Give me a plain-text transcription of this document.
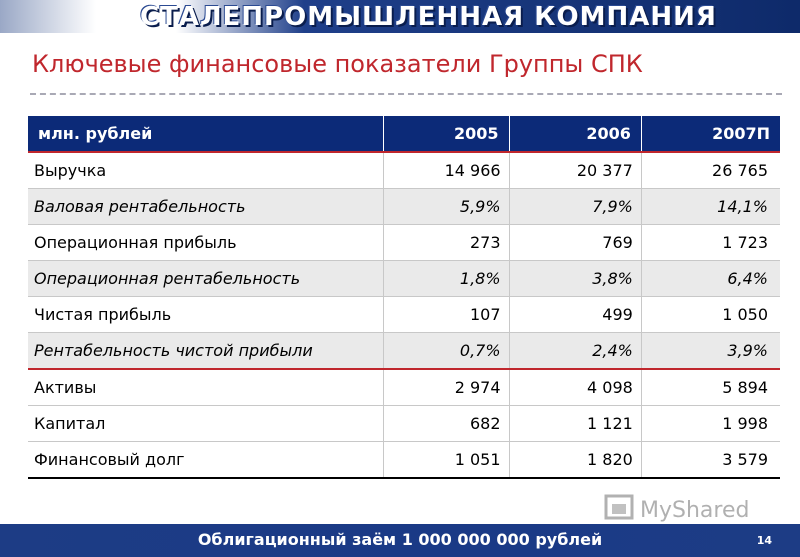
СТАЛЕПРОМЫШЛЕННАЯ КОМПАНИЯ
Ключевые финансовые показатели Группы СПК
млн. рублей	2005	2006	2007П
Выручка	14 966	20 377	26 765
Валовая рентабельность	5,9%	7,9%	14,1%
Операционная прибыль	273	769	1 723
Операционная рентабельность	1,8%	3,8%	6,4%
Чистая прибыль	107	499	1 050
Рентабельность чистой прибыли	0,7%	2,4%	3,9%
Активы	2 974	4 098	5 894
Капитал	682	1 121	1 998
Финансовый долг	1 051	1 820	3 579
MyShared
Облигационный заём 1 000 000 000 рублей	14
